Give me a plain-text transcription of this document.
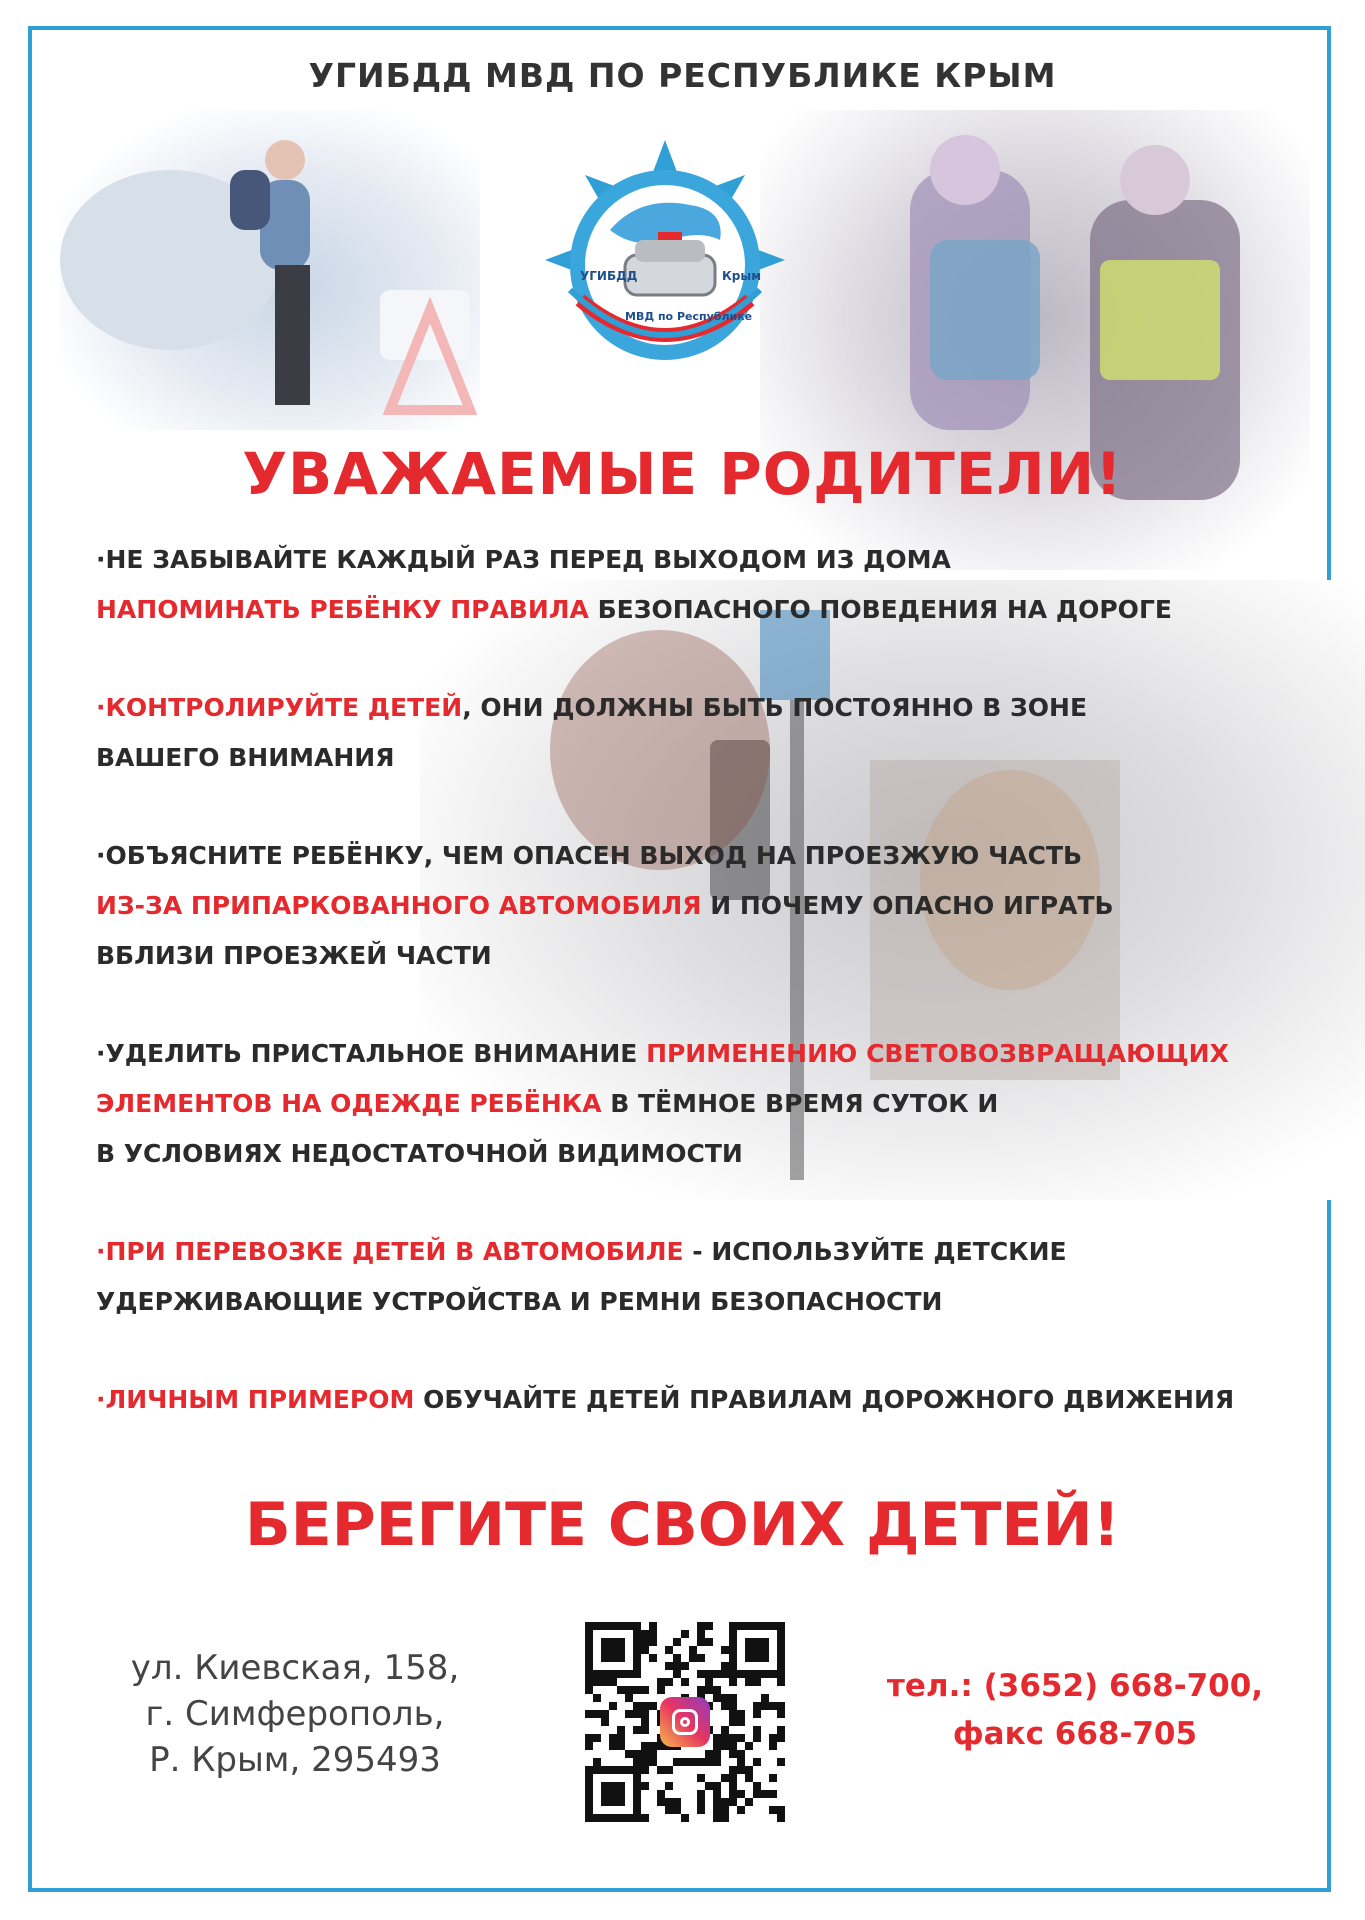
УГИБДД МВД ПО РЕСПУБЛИКЕ КРЫМ
УГИБДД
МВД по Республике
Крым
УВАЖАЕМЫЕ РОДИТЕЛИ!
·НЕ ЗАБЫВАЙТЕ КАЖДЫЙ РАЗ ПЕРЕД ВЫХОДОМ ИЗ ДОМА
НАПОМИНАТЬ РЕБЁНКУ ПРАВИЛА БЕЗОПАСНОГО ПОВЕДЕНИЯ НА ДОРОГЕ
·КОНТРОЛИРУЙТЕ ДЕТЕЙ, ОНИ ДОЛЖНЫ БЫТЬ ПОСТОЯННО В ЗОНЕ
ВАШЕГО ВНИМАНИЯ
·ОБЪЯСНИТЕ РЕБЁНКУ, ЧЕМ ОПАСЕН ВЫХОД НА ПРОЕЗЖУЮ ЧАСТЬ
ИЗ-ЗА ПРИПАРКОВАННОГО АВТОМОБИЛЯ И ПОЧЕМУ ОПАСНО ИГРАТЬ
ВБЛИЗИ ПРОЕЗЖЕЙ ЧАСТИ
·УДЕЛИТЬ ПРИСТАЛЬНОЕ ВНИМАНИЕ ПРИМЕНЕНИЮ СВЕТОВОЗВРАЩАЮЩИХ
ЭЛЕМЕНТОВ НА ОДЕЖДЕ РЕБЁНКА В ТЁМНОЕ ВРЕМЯ СУТОК И
В УСЛОВИЯХ НЕДОСТАТОЧНОЙ ВИДИМОСТИ
·ПРИ ПЕРЕВОЗКЕ ДЕТЕЙ В АВТОМОБИЛЕ - ИСПОЛЬЗУЙТЕ ДЕТСКИЕ
УДЕРЖИВАЮЩИЕ УСТРОЙСТВА И РЕМНИ БЕЗОПАСНОСТИ
·ЛИЧНЫМ ПРИМЕРОМ ОБУЧАЙТЕ ДЕТЕЙ ПРАВИЛАМ ДОРОЖНОГО ДВИЖЕНИЯ
БЕРЕГИТЕ СВОИХ ДЕТЕЙ!
ул. Киевская, 158,
г. Симферополь,
Р. Крым, 295493
тел.: (3652) 668-700,
факс 668-705
